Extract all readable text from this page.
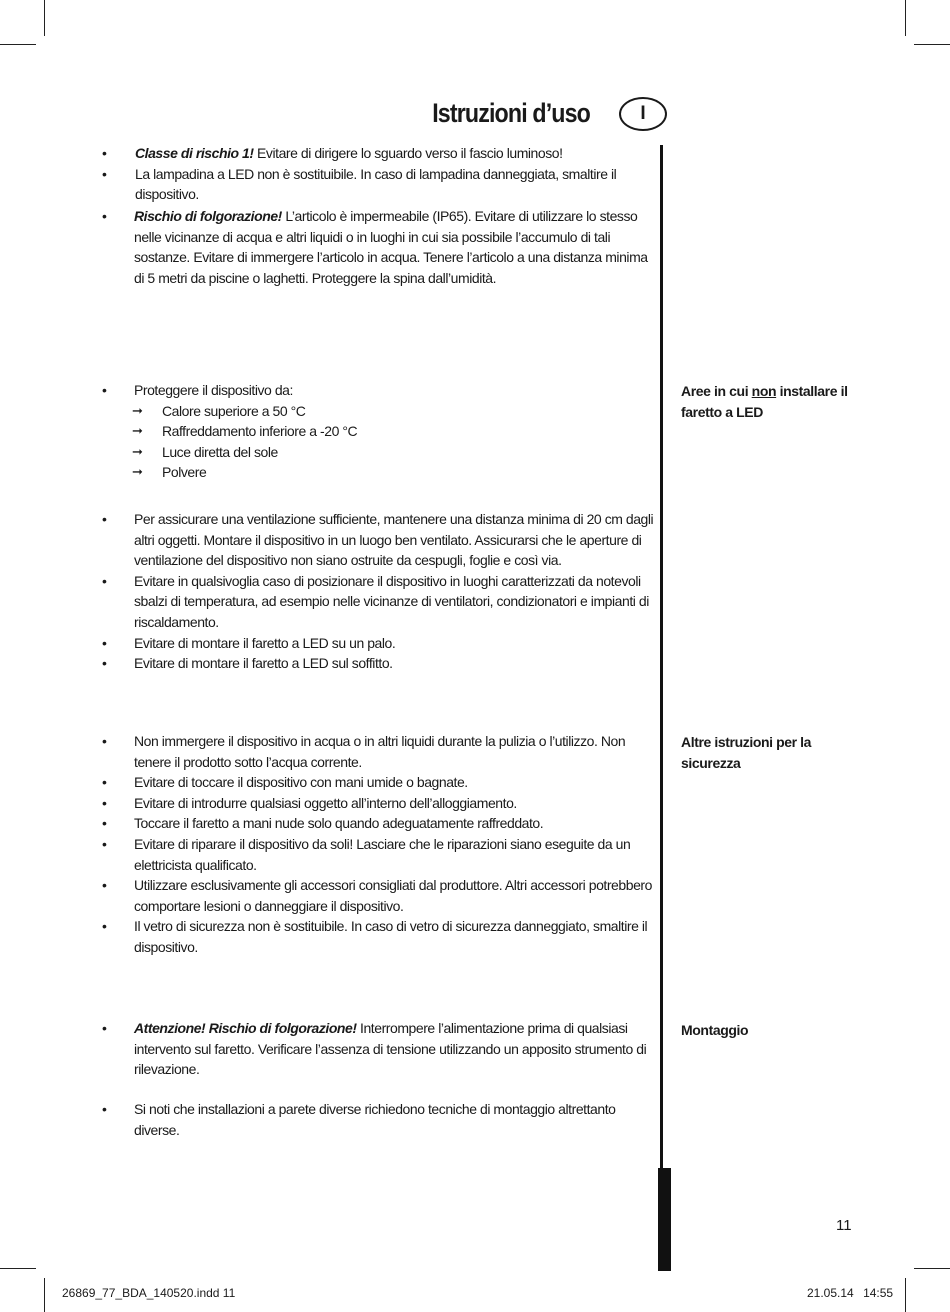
Istruzioni d’uso	I
• Classe di rischio 1! Evitare di dirigere lo sguardo verso il fascio luminoso!
• La lampadina a LED non è sostituibile. In caso di lampadina danneggiata, smaltire il dispositivo.
• Rischio di folgorazione! L’articolo è impermeabile (IP65). Evitare di utilizzare lo stesso nelle vicinanze di acqua e altri liquidi o in luoghi in cui sia possibile l’accumulo di tali sostanze. Evitare di immergere l’articolo in acqua. Tenere l’articolo a una distanza minima di 5 metri da piscine o laghetti. Proteggere la spina dall’umidità.
• Proteggere il dispositivo da:
➞ Calore superiore a 50 °C
➞ Raffreddamento inferiore a -20 °C
➞ Luce diretta del sole
➞ Polvere
• Per assicurare una ventilazione sufficiente, mantenere una distanza minima di 20 cm dagli altri oggetti. Montare il dispositivo in un luogo ben ventilato. Assicurarsi che le aperture di ventilazione del dispositivo non siano ostruite da cespugli, foglie e così via.
• Evitare in qualsivoglia caso di posizionare il dispositivo in luoghi caratterizzati da notevoli sbalzi di temperatura, ad esempio nelle vicinanze di ventilatori, condizionatori e impianti di riscaldamento.
• Evitare di montare il faretto a LED su un palo.
• Evitare di montare il faretto a LED sul soffitto.
• Non immergere il dispositivo in acqua o in altri liquidi durante la pulizia o l’utilizzo. Non tenere il prodotto sotto l’acqua corrente.
• Evitare di toccare il dispositivo con mani umide o bagnate.
• Evitare di introdurre qualsiasi oggetto all’interno dell’alloggiamento.
• Toccare il faretto a mani nude solo quando adeguatamente raffreddato.
• Evitare di riparare il dispositivo da soli! Lasciare che le riparazioni siano eseguite da un elettricista qualificato.
• Utilizzare esclusivamente gli accessori consigliati dal produttore. Altri accessori potrebbero comportare lesioni o danneggiare il dispositivo.
• Il vetro di sicurezza non è sostituibile. In caso di vetro di sicurezza danneggiato, smaltire il dispositivo.
• Attenzione! Rischio di folgorazione! Interrompere l’alimentazione prima di qualsiasi intervento sul faretto. Verificare l’assenza di tensione utilizzando un apposito strumento di rilevazione.
• Si noti che installazioni a parete diverse richiedono tecniche di montaggio altrettanto diverse.
Aree in cui non installare il faretto a LED
Altre istruzioni per la sicurezza
Montaggio
11
26869_77_BDA_140520.indd 11	21.05.14 14:55
